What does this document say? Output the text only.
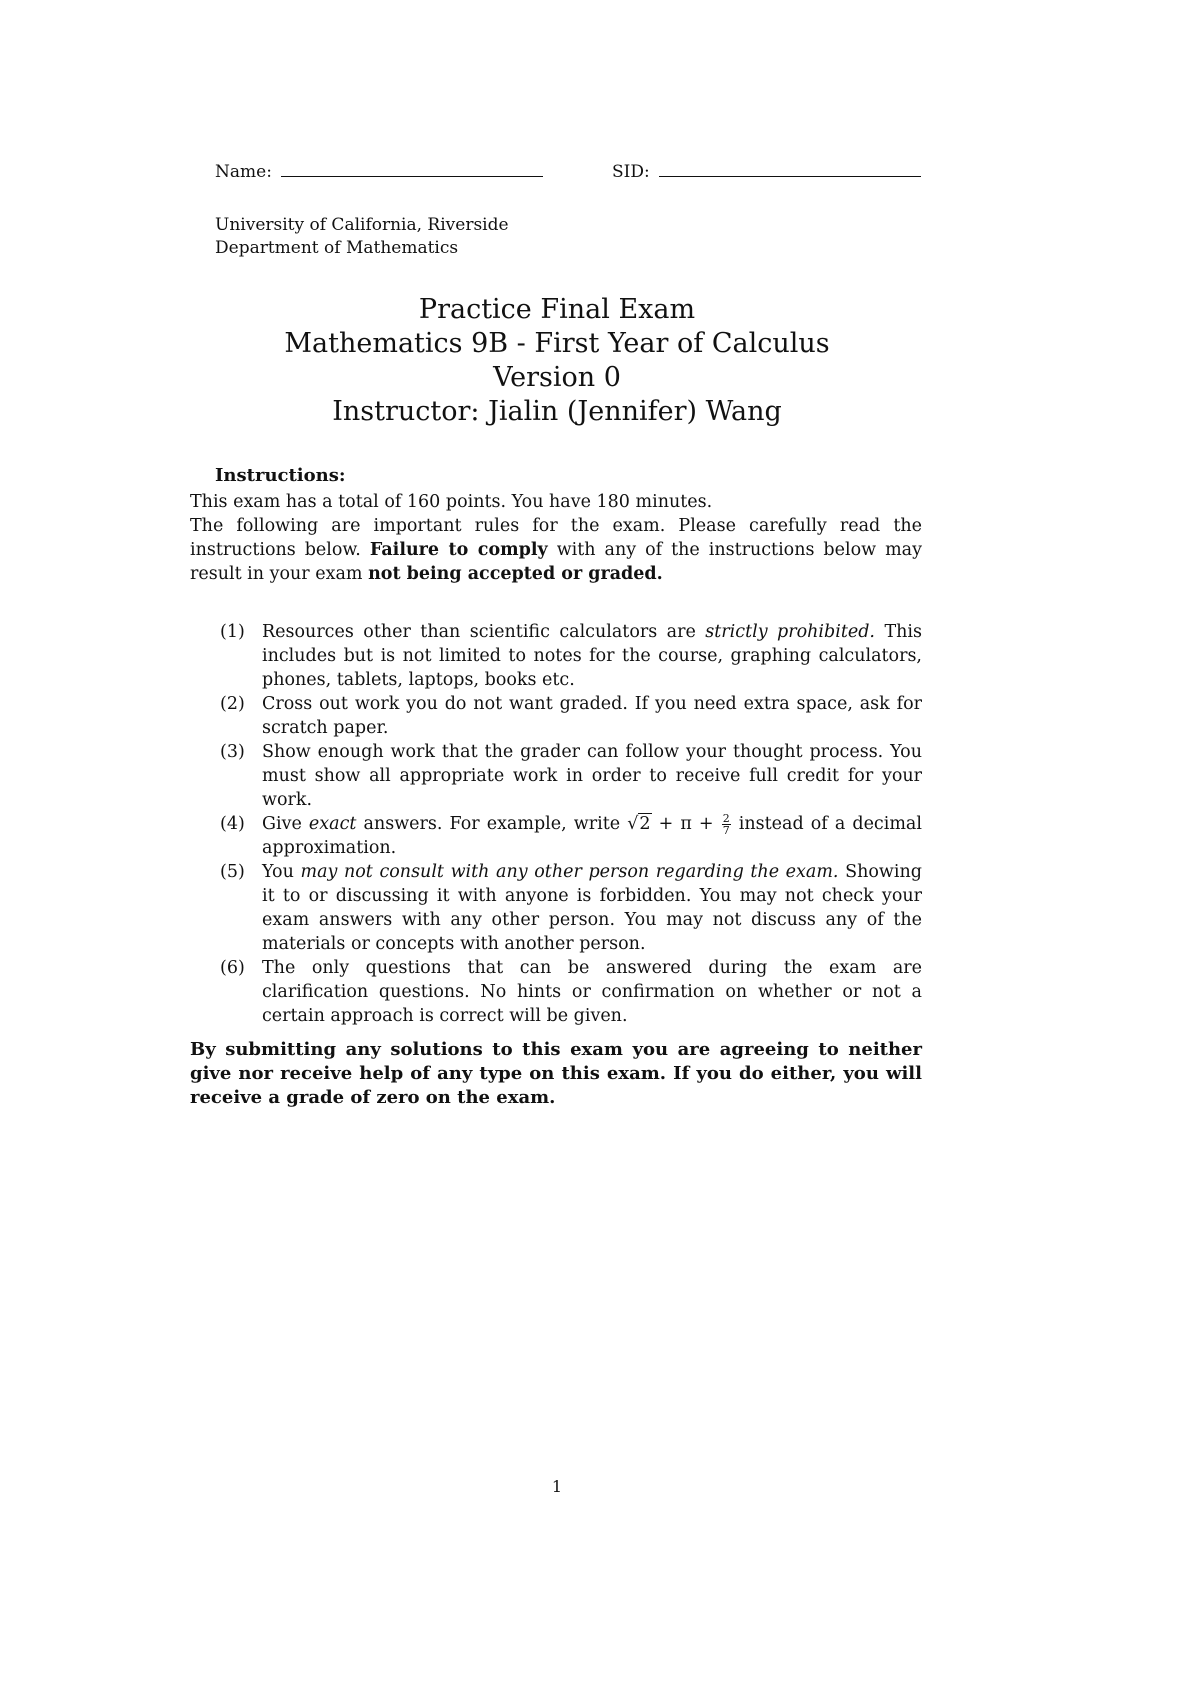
Name:	SID:
University of California, Riverside
Department of Mathematics
Practice Final Exam
Mathematics 9B - First Year of Calculus
Version 0
Instructor: Jialin (Jennifer) Wang
Instructions:

This exam has a total of 160 points. You have 180 minutes.

The following are important rules for the exam. Please carefully read the instructions below. Failure to comply with any of the instructions below may result in your exam not being accepted or graded.

(1) Resources other than scientific calculators are strictly prohibited. This includes but is not limited to notes for the course, graphing calculators, phones, tablets, laptops, books etc.
(2) Cross out work you do not want graded. If you need extra space, ask for scratch paper.
(3) Show enough work that the grader can follow your thought process. You must show all appropriate work in order to receive full credit for your work.
(4) Give exact answers. For example, write $√2 + \pi + \frac{2}{7}$ instead of a decimal approximation.
(5) You may not consult with any other person regarding the exam. Showing it to or discussing it with anyone is forbidden. You may not check your exam answers with any other person. You may not discuss any of the materials or concepts with another person.
(6) The only questions that can be answered during the exam are clarification questions. No hints or confirmation on whether or not a certain approach is correct will be given.
By submitting any solutions to this exam you are agreeing to neither give nor receive help of any type on this exam. If you do either, you will receive a grade of zero on the exam.
1
